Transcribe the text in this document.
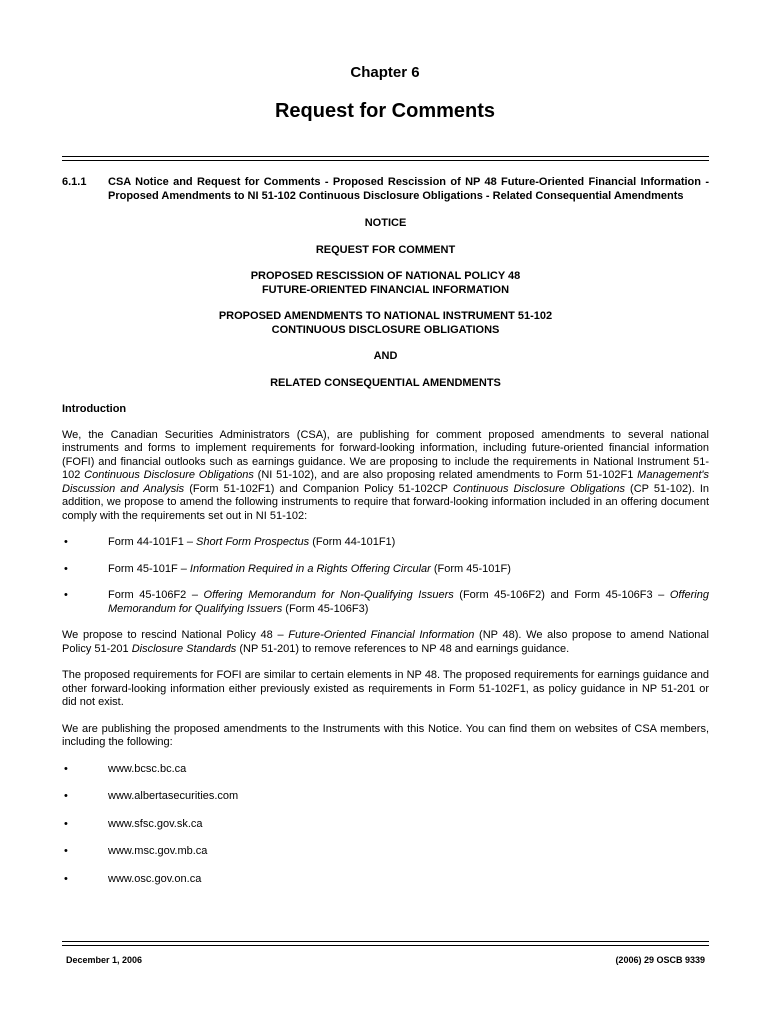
Chapter 6
Request for Comments
6.1.1	CSA Notice and Request for Comments - Proposed Rescission of NP 48 Future-Oriented Financial Information - Proposed Amendments to NI 51-102 Continuous Disclosure Obligations - Related Consequential Amendments
NOTICE
REQUEST FOR COMMENT
PROPOSED RESCISSION OF NATIONAL POLICY 48
FUTURE-ORIENTED FINANCIAL INFORMATION
PROPOSED AMENDMENTS TO NATIONAL INSTRUMENT 51-102
CONTINUOUS DISCLOSURE OBLIGATIONS
AND
RELATED CONSEQUENTIAL AMENDMENTS
Introduction

We, the Canadian Securities Administrators (CSA), are publishing for comment proposed amendments to several national instruments and forms to implement requirements for forward-looking information, including future-oriented financial information (FOFI) and financial outlooks such as earnings guidance. We are proposing to include the requirements in National Instrument 51-102 Continuous Disclosure Obligations (NI 51-102), and are also proposing related amendments to Form 51-102F1 Management's Discussion and Analysis (Form 51-102F1) and Companion Policy 51-102CP Continuous Disclosure Obligations (CP 51-102). In addition, we propose to amend the following instruments to require that forward-looking information included in an offering document comply with the requirements set out in NI 51-102:

•	Form 44-101F1 – Short Form Prospectus (Form 44-101F1)
•	Form 45-101F – Information Required in a Rights Offering Circular (Form 45-101F)
•	Form 45-106F2 – Offering Memorandum for Non-Qualifying Issuers (Form 45-106F2) and Form 45-106F3 – Offering Memorandum for Qualifying Issuers (Form 45-106F3)

We propose to rescind National Policy 48 – Future-Oriented Financial Information (NP 48). We also propose to amend National Policy 51-201 Disclosure Standards (NP 51-201) to remove references to NP 48 and earnings guidance.

The proposed requirements for FOFI are similar to certain elements in NP 48. The proposed requirements for earnings guidance and other forward-looking information either previously existed as requirements in Form 51-102F1, as policy guidance in NP 51-201 or did not exist.

We are publishing the proposed amendments to the Instruments with this Notice. You can find them on websites of CSA members, including the following:

•	www.bcsc.bc.ca
•	www.albertasecurities.com
•	www.sfsc.gov.sk.ca
•	www.msc.gov.mb.ca
•	www.osc.gov.on.ca
December 1, 2006	(2006) 29 OSCB 9339
